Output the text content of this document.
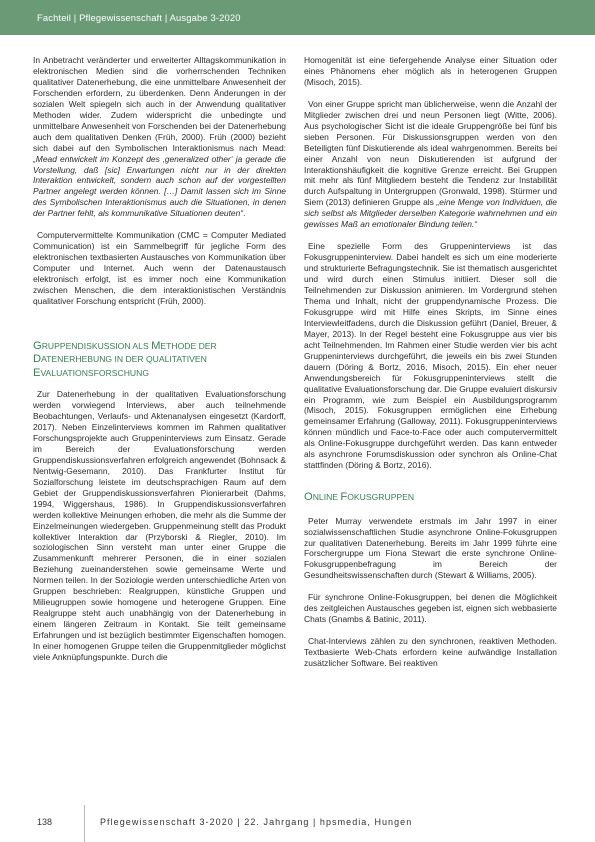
Fachteil | Pflegewissenschaft | Ausgabe 3-2020

In Anbetracht veränderter und erweiterter Alltagskommunikation in elektronischen Medien sind die vorherrschenden Techniken qualitativer Datenerhebung, die eine unmittelbare Anwesenheit der Forschenden erfordern, zu überdenken. Denn Änderungen in der sozialen Welt spiegeln sich auch in der Anwendung qualitativer Methoden wider. Zudem widerspricht die unbedingte und unmittelbare Anwesenheit von Forschenden bei der Datenerhebung auch dem qualitativen Denken (Früh, 2000). Früh (2000) bezieht sich dabei auf den Symbolischen Interaktionismus nach Mead: „Mead entwickelt im Konzept des ‚generalized other‘ ja gerade die Vorstellung, daß [sic] Erwartungen nicht nur in der direkten Interaktion entwickelt, sondern auch schon auf der vorgestellten Partner angelegt werden können. […] Damit lassen sich im Sinne des Symbolischen Interaktionismus auch die Situationen, in denen der Partner fehlt, als kommunikative Situationen deuten“.

Computervermittelte Kommunikation (CMC = Computer Mediated Communication) ist ein Sammelbegriff für jegliche Form des elektronischen textbasierten Austausches von Kommunikation über Computer und Internet. Auch wenn der Datenaustausch elektronisch erfolgt, ist es immer noch eine Kommunikation zwischen Menschen, die dem interaktionistischen Verständnis qualitativer Forschung entspricht (Früh, 2000).

GRUPPENDISKUSSION ALS METHODE DER
DATENERHEBUNG IN DER QUALITATIVEN
EVALUATIONSFORSCHUNG

Zur Datenerhebung in der qualitativen Evaluationsforschung werden vorwiegend Interviews, aber auch teilnehmende Beobachtungen, Verlaufs- und Aktenanalysen eingesetzt (Kardorff, 2017). Neben Einzelinterviews kommen im Rahmen qualitativer Forschungsprojekte auch Gruppeninterviews zum Einsatz. Gerade im Bereich der Evaluationsforschung werden Gruppendiskussionsverfahren erfolgreich angewendet (Bohnsack & Nentwig-Gesemann, 2010). Das Frankfurter Institut für Sozialforschung leistete im deutschsprachigen Raum auf dem Gebiet der Gruppendiskussionsverfahren Pionierarbeit (Dahms, 1994, Wiggershaus, 1986). In Gruppendiskussionsverfahren werden kollektive Meinungen erhoben, die mehr als die Summe der Einzelmeinungen wiedergeben. Gruppenmeinung stellt das Produkt kollektiver Interaktion dar (Przyborski & Riegler, 2010). Im soziologischen Sinn versteht man unter einer Gruppe die Zusammenkunft mehrerer Personen, die in einer sozialen Beziehung zueinanderstehen sowie gemeinsame Werte und Normen teilen. In der Soziologie werden unterschiedliche Arten von Gruppen beschrieben: Realgruppen, künstliche Gruppen und Milieugruppen sowie homogene und heterogene Gruppen. Eine Realgruppe steht auch unabhängig von der Datenerhebung in einem längeren Zeitraum in Kontakt. Sie teilt gemeinsame Erfahrungen und ist bezüglich bestimmter Eigenschaften homogen. In einer homogenen Gruppe teilen die Gruppenmitglieder möglichst viele Anknüpfungspunkte. Durch die

Homogenität ist eine tiefergehende Analyse einer Situation oder eines Phänomens eher möglich als in heterogenen Gruppen (Misoch, 2015).

Von einer Gruppe spricht man üblicherweise, wenn die Anzahl der Mitglieder zwischen drei und neun Personen liegt (Witte, 2006). Aus psychologischer Sicht ist die ideale Gruppengröße bei fünf bis sieben Personen. Für Diskussionsgruppen werden von den Beteiligten fünf Diskutierende als ideal wahrgenommen. Bereits bei einer Anzahl von neun Diskutierenden ist aufgrund der Interaktionshäufigkeit die kognitive Grenze erreicht. Bei Gruppen mit mehr als fünf Mitgliedern besteht die Tendenz zur Instabilität durch Aufspaltung in Untergruppen (Gronwald, 1998). Stürmer und Siem (2013) definieren Gruppe als „eine Menge von Individuen, die sich selbst als Mitglieder derselben Kategorie wahrnehmen und ein gewisses Maß an emotionaler Bindung teilen.“

Eine spezielle Form des Gruppeninterviews ist das Fokusgruppeninterview. Dabei handelt es sich um eine moderierte und strukturierte Befragungstechnik. Sie ist thematisch ausgerichtet und wird durch einen Stimulus initiiert. Dieser soll die Teilnehmenden zur Diskussion animieren. Im Vordergrund stehen Thema und Inhalt, nicht der gruppendynamische Prozess. Die Fokusgruppe wird mit Hilfe eines Skripts, im Sinne eines Interviewleitfadens, durch die Diskussion geführt (Daniel, Breuer, & Mayer, 2013). In der Regel besteht eine Fokusgruppe aus vier bis acht Teilnehmenden. Im Rahmen einer Studie werden vier bis acht Gruppeninterviews durchgeführt, die jeweils ein bis zwei Stunden dauern (Döring & Bortz, 2016, Misoch, 2015). Ein eher neuer Anwendungsbereich für Fokusgruppeninterviews stellt die qualitative Evaluationsforschung dar. Die Gruppe evaluiert diskursiv ein Programm, wie zum Beispiel ein Ausbildungsprogramm (Misoch, 2015). Fokusgruppen ermöglichen eine Erhebung gemeinsamer Erfahrung (Galloway, 2011). Fokusgruppeninterviews können mündlich und Face-to-Face oder auch computervermittelt als Online-Fokusgruppe durchgeführt werden. Das kann entweder als asynchrone Forumsdiskussion oder synchron als Online-Chat stattfinden (Döring & Bortz, 2016).

ONLINE FOKUSGRUPPEN

Peter Murray verwendete erstmals im Jahr 1997 in einer sozialwissenschaftlichen Studie asynchrone Online-Fokusgruppen zur qualitativen Datenerhebung. Bereits im Jahr 1999 führte eine Forschergruppe um Fiona Stewart die erste synchrone Online-Fokusgruppenbefragung im Bereich der Gesundheitswissenschaften durch (Stewart & Williams, 2005).

Für synchrone Online-Fokusgruppen, bei denen die Möglichkeit des zeitgleichen Austausches gegeben ist, eignen sich webbasierte Chats (Gnambs & Batinic, 2011).

Chat-Interviews zählen zu den synchronen, reaktiven Methoden. Textbasierte Web-Chats erfordern keine aufwändige Installation zusätzlicher Software. Bei reaktiven

138	Pflegewissenschaft 3-2020 | 22. Jahrgang | hpsmedia, Hungen
